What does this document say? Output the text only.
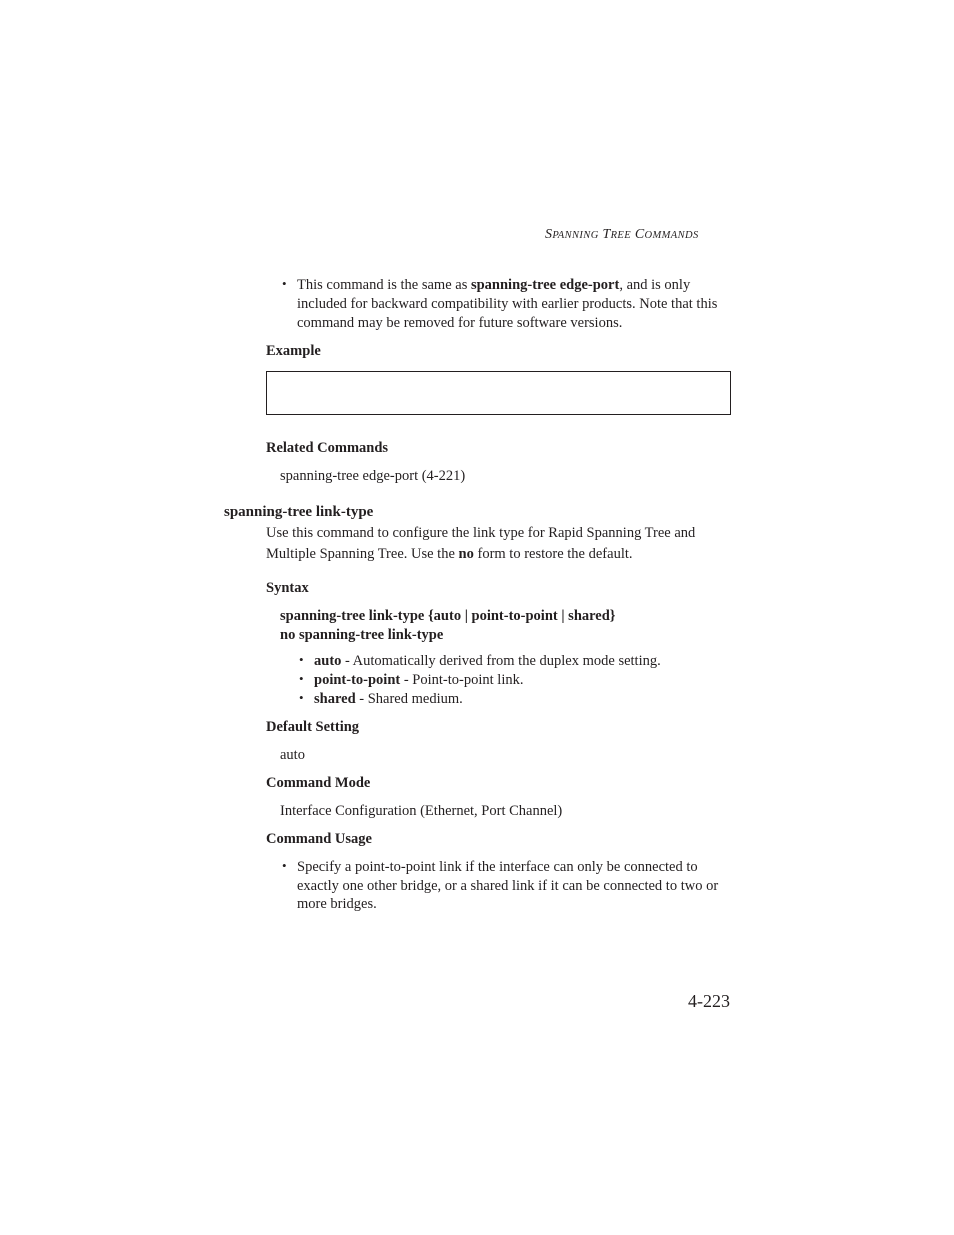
SPANNING TREE COMMANDS
• This command is the same as spanning-tree edge-port, and is only
included for backward compatibility with earlier products. Note that this
command may be removed for future software versions.
Example
Related Commands
spanning-tree edge-port (4-221)
spanning-tree link-type
Use this command to configure the link type for Rapid Spanning Tree and
Multiple Spanning Tree. Use the no form to restore the default.
Syntax
spanning-tree link-type {auto | point-to-point | shared}
no spanning-tree link-type
• auto - Automatically derived from the duplex mode setting.
• point-to-point - Point-to-point link.
• shared - Shared medium.
Default Setting
auto
Command Mode
Interface Configuration (Ethernet, Port Channel)
Command Usage
• Specify a point-to-point link if the interface can only be connected to
exactly one other bridge, or a shared link if it can be connected to two or
more bridges.
4-223
